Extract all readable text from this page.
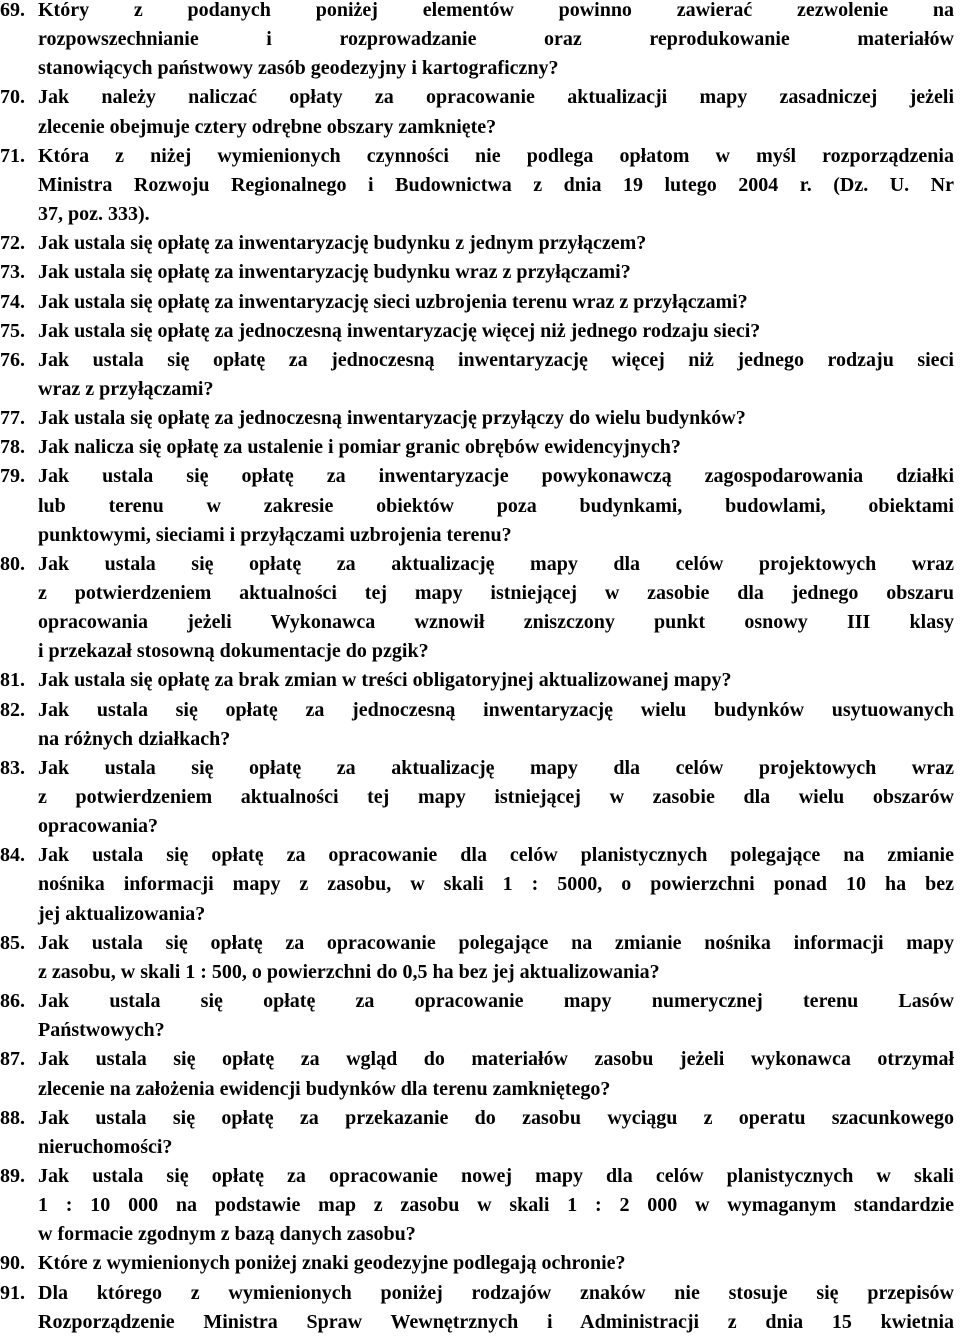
69. Który z podanych poniżej elementów powinno zawierać zezwolenie na
rozpowszechnianie i rozprowadzanie oraz reprodukowanie materiałów
stanowiących państwowy zasób geodezyjny i kartograficzny?
70. Jak należy naliczać opłaty za opracowanie aktualizacji mapy zasadniczej jeżeli
zlecenie obejmuje cztery odrębne obszary zamknięte?
71. Która z niżej wymienionych czynności nie podlega opłatom w myśl rozporządzenia
Ministra Rozwoju Regionalnego i Budownictwa z dnia 19 lutego 2004 r. (Dz. U. Nr
37, poz. 333).
72. Jak ustala się opłatę za inwentaryzację budynku z jednym przyłączem?
73. Jak ustala się opłatę za inwentaryzację budynku wraz z przyłączami?
74. Jak ustala się opłatę za inwentaryzację sieci uzbrojenia terenu wraz z przyłączami?
75. Jak ustala się opłatę za jednoczesną inwentaryzację więcej niż jednego rodzaju sieci?
76. Jak ustala się opłatę za jednoczesną inwentaryzację więcej niż jednego rodzaju sieci
wraz z przyłączami?
77. Jak ustala się opłatę za jednoczesną inwentaryzację przyłączy do wielu budynków?
78. Jak nalicza się opłatę za ustalenie i pomiar granic obrębów ewidencyjnych?
79. Jak ustala się opłatę za inwentaryzacje powykonawczą zagospodarowania działki
lub terenu w zakresie obiektów poza budynkami, budowlami, obiektami
punktowymi, sieciami i przyłączami uzbrojenia terenu?
80. Jak ustala się opłatę za aktualizację mapy dla celów projektowych wraz
z potwierdzeniem aktualności tej mapy istniejącej w zasobie dla jednego obszaru
opracowania jeżeli Wykonawca wznowił zniszczony punkt osnowy III klasy
i przekazał stosowną dokumentacje do pzgik?
81. Jak ustala się opłatę za brak zmian w treści obligatoryjnej aktualizowanej mapy?
82. Jak ustala się opłatę za jednoczesną inwentaryzację wielu budynków usytuowanych
na różnych działkach?
83. Jak ustala się opłatę za aktualizację mapy dla celów projektowych wraz
z potwierdzeniem aktualności tej mapy istniejącej w zasobie dla wielu obszarów
opracowania?
84. Jak ustala się opłatę za opracowanie dla celów planistycznych polegające na zmianie
nośnika informacji mapy z zasobu, w skali 1 : 5000, o powierzchni ponad 10 ha bez
jej aktualizowania?
85. Jak ustala się opłatę za opracowanie polegające na zmianie nośnika informacji mapy
z zasobu, w skali 1 : 500, o powierzchni do 0,5 ha bez jej aktualizowania?
86. Jak ustala się opłatę za opracowanie mapy numerycznej terenu Lasów
Państwowych?
87. Jak ustala się opłatę za wgląd do materiałów zasobu jeżeli wykonawca otrzymał
zlecenie na założenia ewidencji budynków dla terenu zamkniętego?
88. Jak ustala się opłatę za przekazanie do zasobu wyciągu z operatu szacunkowego
nieruchomości?
89. Jak ustala się opłatę za opracowanie nowej mapy dla celów planistycznych w skali
1 : 10 000 na podstawie map z zasobu w skali 1 : 2 000 w wymaganym standardzie
w formacie zgodnym z bazą danych zasobu?
90. Które z wymienionych poniżej znaki geodezyjne podlegają ochronie?
91. Dla którego z wymienionych poniżej rodzajów znaków nie stosuje się przepisów
Rozporządzenie Ministra Spraw Wewnętrznych i Administracji z dnia 15 kwietnia
